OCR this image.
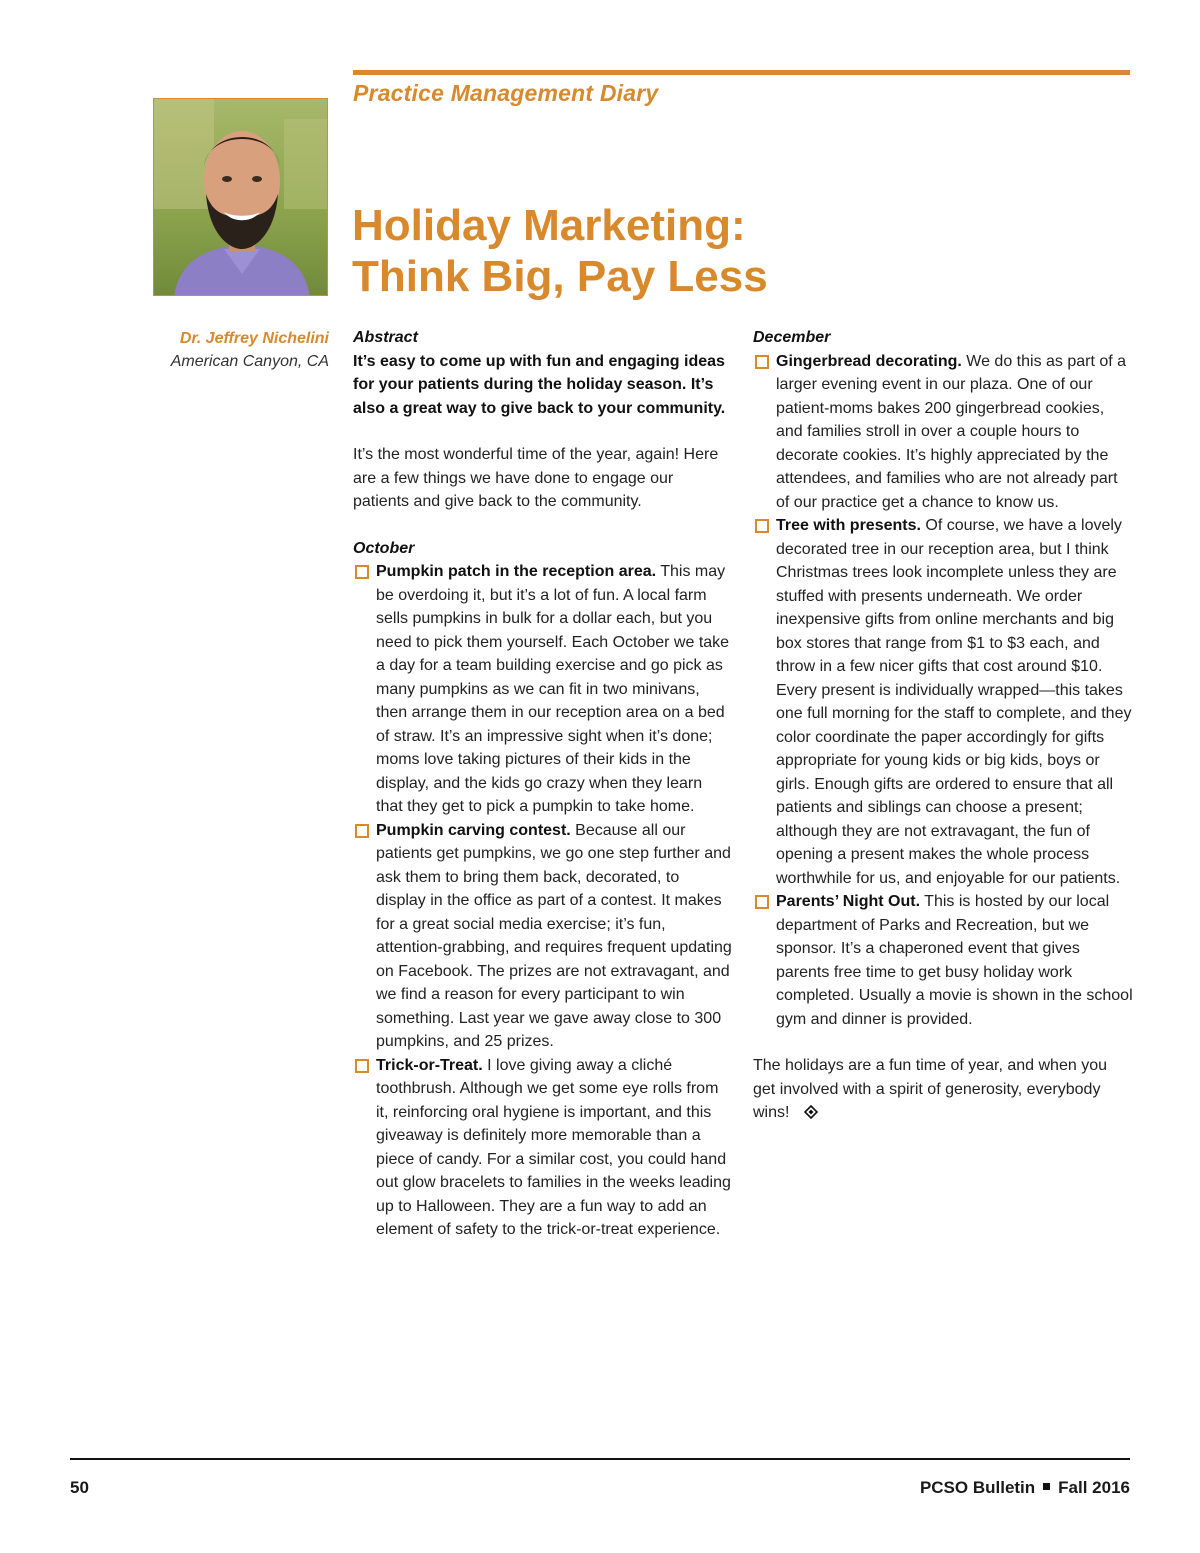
Practice Management Diary
Holiday Marketing:
Think Big, Pay Less
Dr. Jeffrey Nichelini
American Canyon, CA
Abstract
It’s easy to come up with fun and engaging ideas for your patients during the holiday season. It’s also a great way to give back to your community.
It’s the most wonderful time of the year, again! Here are a few things we have done to engage our patients and give back to the community.
October
Pumpkin patch in the reception area. This may be overdoing it, but it’s a lot of fun. A local farm sells pumpkins in bulk for a dollar each, but you need to pick them yourself. Each October we take a day for a team building exercise and go pick as many pumpkins as we can fit in two minivans, then arrange them in our reception area on a bed of straw. It’s an impressive sight when it’s done; moms love taking pictures of their kids in the display, and the kids go crazy when they learn that they get to pick a pumpkin to take home.
Pumpkin carving contest. Because all our patients get pumpkins, we go one step further and ask them to bring them back, decorated, to display in the office as part of a contest. It makes for a great social media exercise; it’s fun, attention-grabbing, and requires frequent updating on Facebook. The prizes are not extravagant, and we find a reason for every participant to win something. Last year we gave away close to 300 pumpkins, and 25 prizes.
Trick-or-Treat. I love giving away a cliché toothbrush. Although we get some eye rolls from it, reinforcing oral hygiene is important, and this giveaway is definitely more memorable than a piece of candy. For a similar cost, you could hand out glow bracelets to families in the weeks leading up to Halloween. They are a fun way to add an element of safety to the trick-or-treat experience.
December
Gingerbread decorating. We do this as part of a larger evening event in our plaza. One of our patient-moms bakes 200 gingerbread cookies, and families stroll in over a couple hours to decorate cookies. It’s highly appreciated by the attendees, and families who are not already part of our practice get a chance to know us.
Tree with presents. Of course, we have a lovely decorated tree in our reception area, but I think Christmas trees look incomplete unless they are stuffed with presents underneath. We order inexpensive gifts from online merchants and big box stores that range from $1 to $3 each, and throw in a few nicer gifts that cost around $10. Every present is individually wrapped—this takes one full morning for the staff to complete, and they color coordinate the paper accordingly for gifts appropriate for young kids or big kids, boys or girls. Enough gifts are ordered to ensure that all patients and siblings can choose a present; although they are not extravagant, the fun of opening a present makes the whole process worthwhile for us, and enjoyable for our patients.
Parents’ Night Out. This is hosted by our local department of Parks and Recreation, but we sponsor. It’s a chaperoned event that gives parents free time to get busy holiday work completed. Usually a movie is shown in the school gym and dinner is provided.
The holidays are a fun time of year, and when you get involved with a spirit of generosity, everybody wins!
50	PCSO Bulletin Fall 2016
